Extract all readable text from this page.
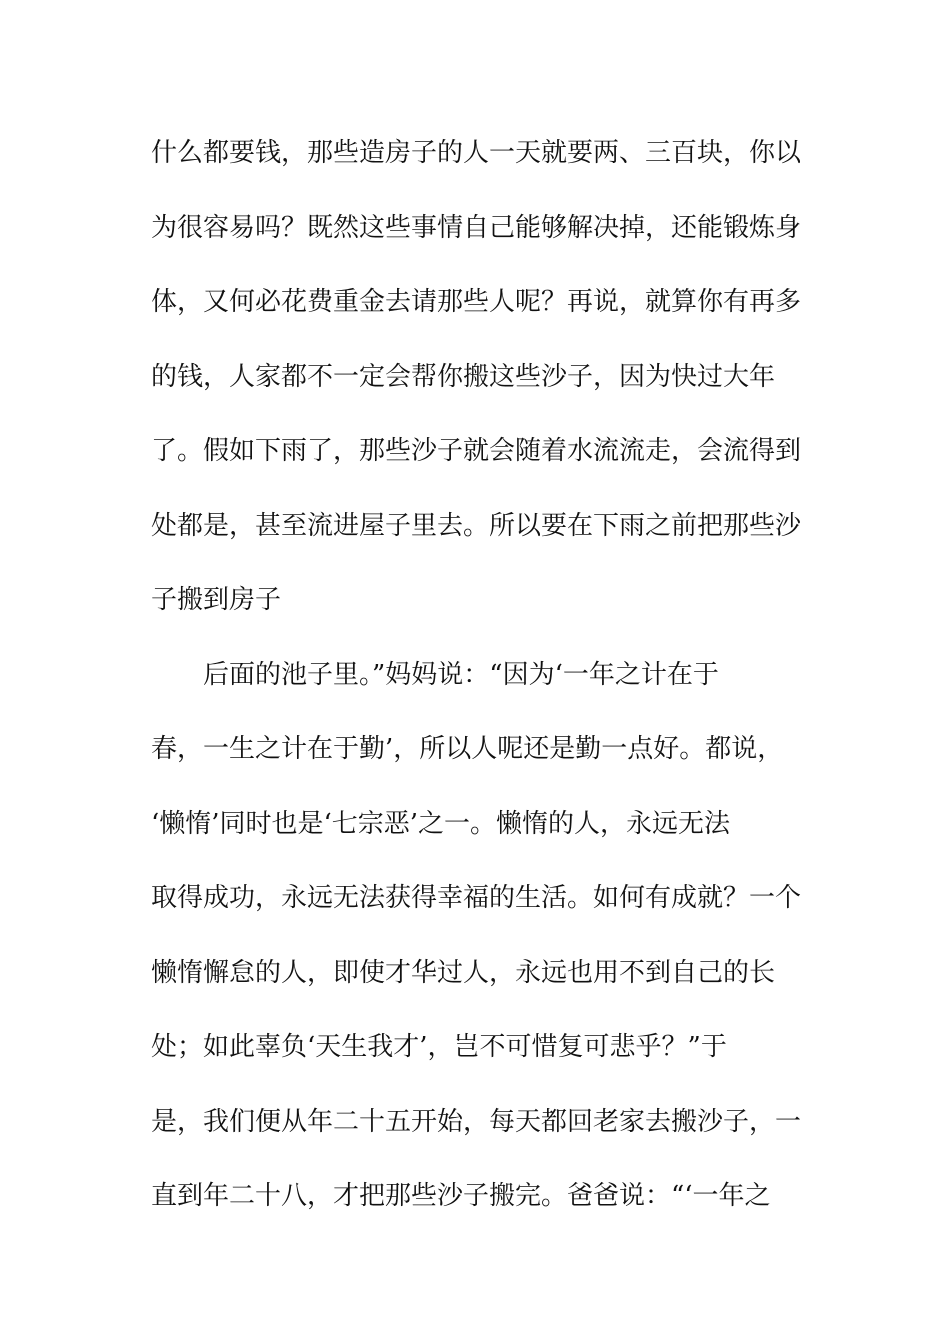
什么都要钱，那些造房子的人一天就要两、三百块，你以
为很容易吗？既然这些事情自己能够解决掉，还能锻炼身
体，又何必花费重金去请那些人呢？再说，就算你有再多
的钱，人家都不一定会帮你搬这些沙子，因为快过大年
了。假如下雨了，那些沙子就会随着水流流走，会流得到
处都是，甚至流进屋子里去。所以要在下雨之前把那些沙
子搬到房子
后面的池子里。”妈妈说：“因为‘一年之计在于
春，一生之计在于勤’，所以人呢还是勤一点好。都说，
‘懒惰’同时也是‘七宗恶’之一。懒惰的人，永远无法
取得成功，永远无法获得幸福的生活。如何有成就？一个
懒惰懈怠的人，即使才华过人，永远也用不到自己的长
处；如此辜负‘天生我才’，岂不可惜复可悲乎？”于
是，我们便从年二十五开始，每天都回老家去搬沙子，一
直到年二十八，才把那些沙子搬完。爸爸说：“‘一年之
